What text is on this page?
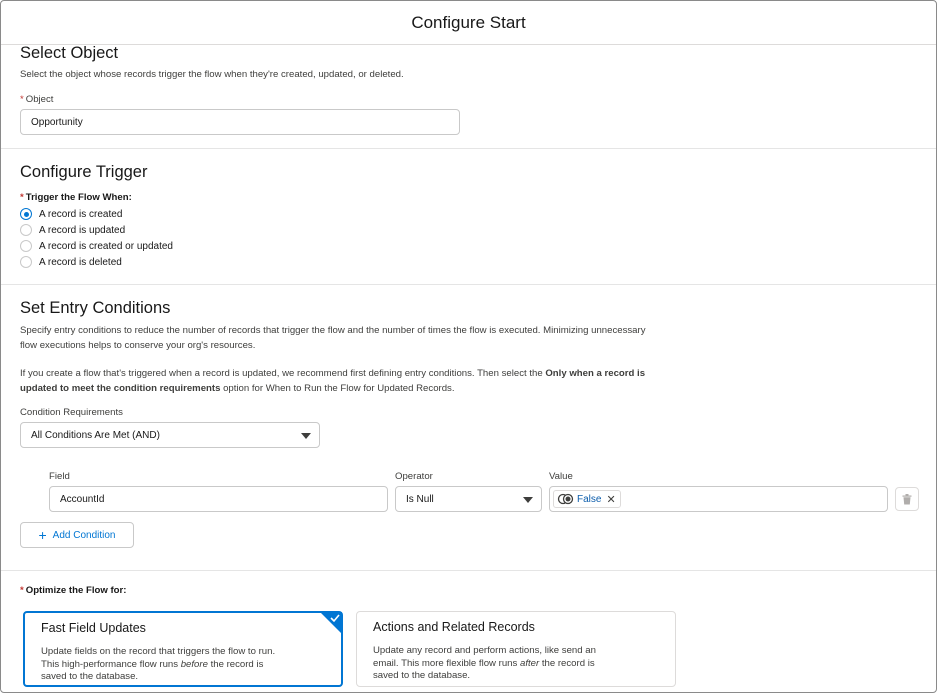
Configure Start
Select Object
Select the object whose records trigger the flow when they're created, updated, or deleted.
* Object
Opportunity
Configure Trigger
* Trigger the Flow When:
A record is created
A record is updated
A record is created or updated
A record is deleted
Set Entry Conditions
Specify entry conditions to reduce the number of records that trigger the flow and the number of times the flow is executed. Minimizing unnecessary
flow executions helps to conserve your org's resources.
If you create a flow that's triggered when a record is updated, we recommend first defining entry conditions. Then select the Only when a record is
updated to meet the condition requirements option for When to Run the Flow for Updated Records.
Condition Requirements
All Conditions Are Met (AND)
Field	Operator	Value
AccountId	Is Null	False ✕
+ Add Condition
* Optimize the Flow for:
Fast Field Updates
Update fields on the record that triggers the flow to run.
This high-performance flow runs before the record is
saved to the database.
Actions and Related Records
Update any record and perform actions, like send an
email. This more flexible flow runs after the record is
saved to the database.
